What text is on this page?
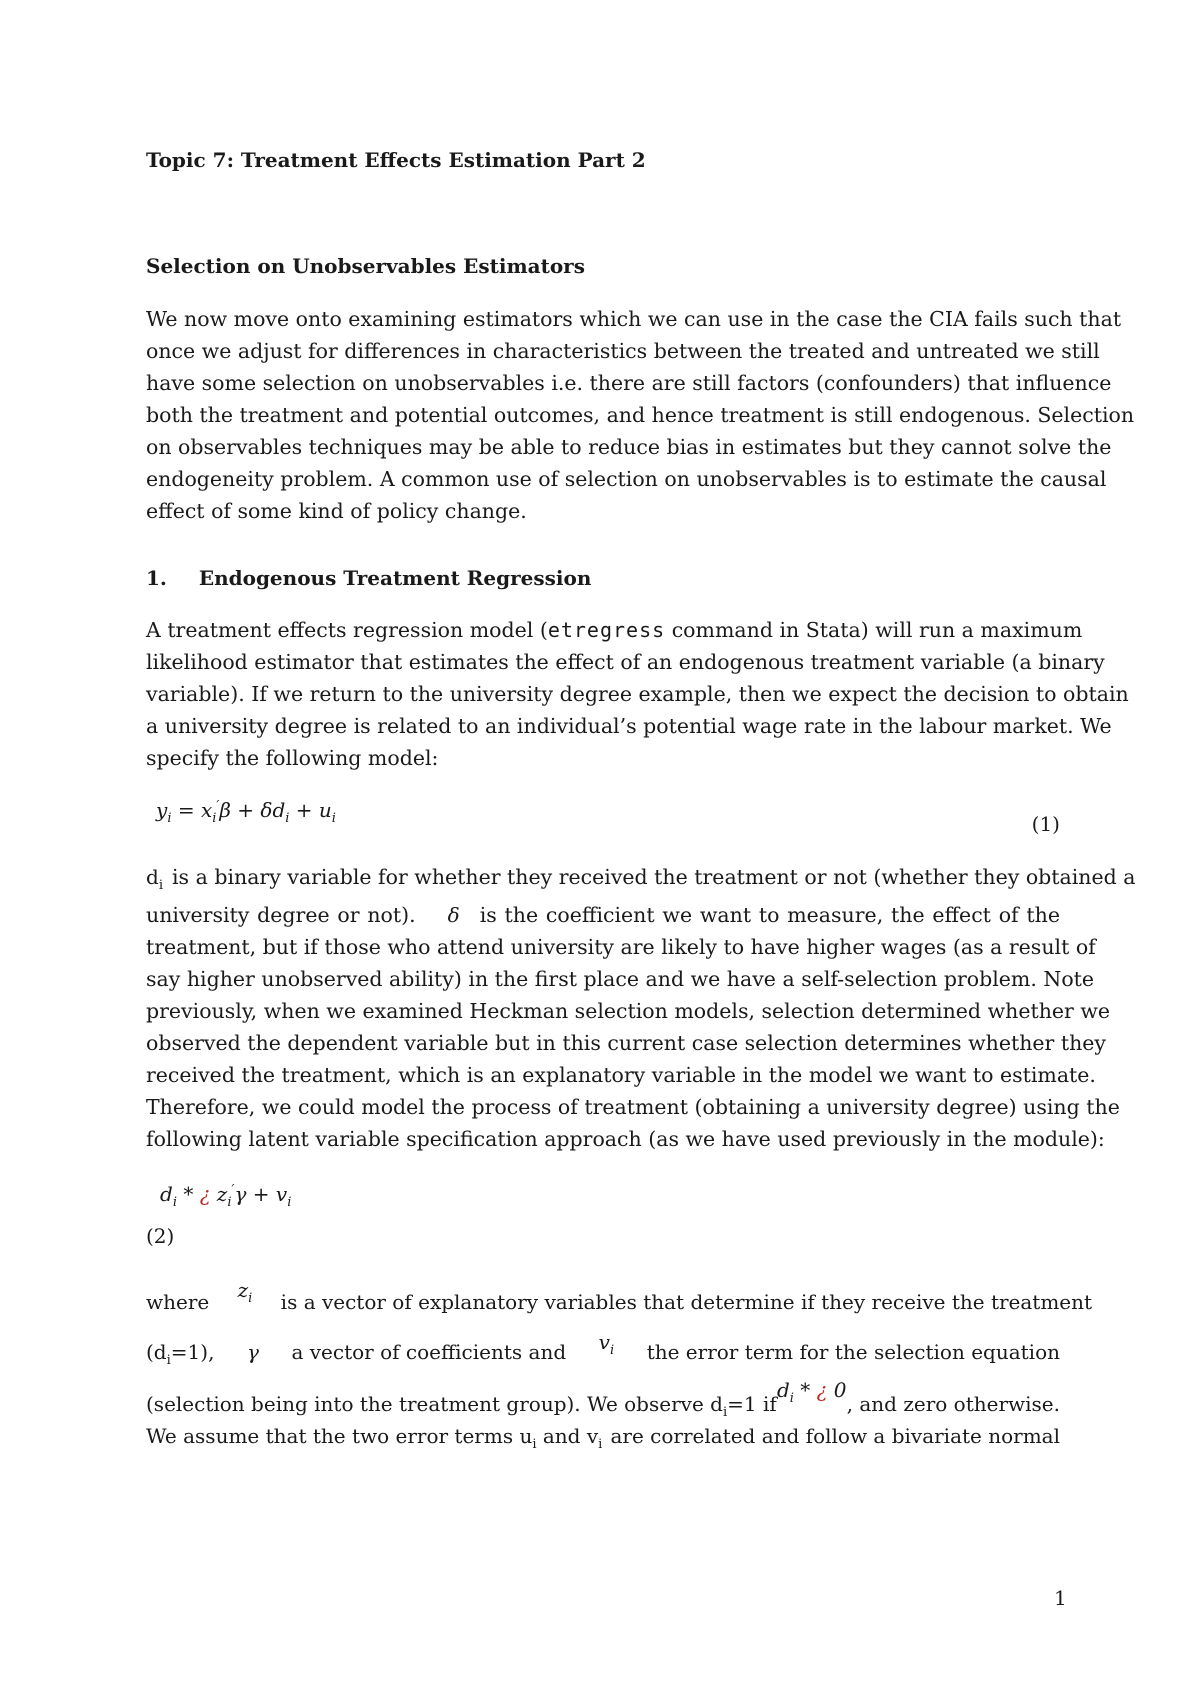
Topic 7: Treatment Effects Estimation Part 2
Selection on Unobservables Estimators
We now move onto examining estimators which we can use in the case the CIA fails such that
once we adjust for differences in characteristics between the treated and untreated we still
have some selection on unobservables i.e. there are still factors (confounders) that influence
both the treatment and potential outcomes, and hence treatment is still endogenous. Selection
on observables techniques may be able to reduce bias in estimates but they cannot solve the
endogeneity problem. A common use of selection on unobservables is to estimate the causal
effect of some kind of policy change.
1. Endogenous Treatment Regression
A treatment effects regression model (etregress command in Stata) will run a maximum
likelihood estimator that estimates the effect of an endogenous treatment variable (a binary
variable). If we return to the university degree example, then we expect the decision to obtain
a university degree is related to an individual’s potential wage rate in the labour market. We
specify the following model:
$y_i = x_i'\beta + \delta d_i + u_i$	(1)
$d_i$ is a binary variable for whether they received the treatment or not (whether they obtained a
university degree or not). δ is the coefficient we want to measure, the effect of the
treatment, but if those who attend university are likely to have higher wages (as a result of
say higher unobserved ability) in the first place and we have a self-selection problem. Note
previously, when we examined Heckman selection models, selection determined whether we
observed the dependent variable but in this current case selection determines whether they
received the treatment, which is an explanatory variable in the model we want to estimate.
Therefore, we could model the process of treatment (obtaining a university degree) using the
following latent variable specification approach (as we have used previously in the module):
$d_i$ * ¿ $z_i'\gamma + v_i$
(2)
where $z_i$ is a vector of explanatory variables that determine if they receive the treatment
$(d_i=1)$, γ a vector of coefficients and $v_i$ the error term for the selection equation
(selection being into the treatment group). We observe $d_i=1$ if
$d_i$ * ¿ 0
, and zero otherwise.
We assume that the two error terms $u_i$ and $v_i$ are correlated and follow a bivariate normal
1
